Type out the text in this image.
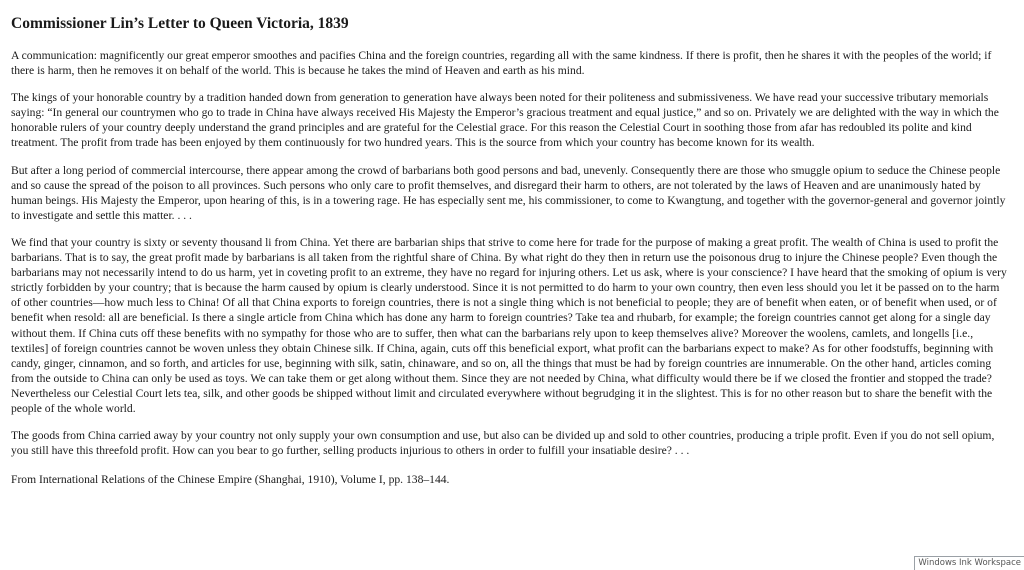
Commissioner Lin’s Letter to Queen Victoria, 1839

A communication: magnificently our great emperor smoothes and pacifies China and the foreign countries, regarding all with the same kindness. If there is profit, then he shares it with the peoples of the world; if there is harm, then he removes it on behalf of the world. This is because he takes the mind of Heaven and earth as his mind.

The kings of your honorable country by a tradition handed down from generation to generation have always been noted for their politeness and submissiveness. We have read your successive tributary memorials saying: “In general our countrymen who go to trade in China have always received His Majesty the Emperor’s gracious treatment and equal justice,” and so on. Privately we are delighted with the way in which the honorable rulers of your country deeply understand the grand principles and are grateful for the Celestial grace. For this reason the Celestial Court in soothing those from afar has redoubled its polite and kind treatment. The profit from trade has been enjoyed by them continuously for two hundred years. This is the source from which your country has become known for its wealth.

But after a long period of commercial intercourse, there appear among the crowd of barbarians both good persons and bad, unevenly. Consequently there are those who smuggle opium to seduce the Chinese people and so cause the spread of the poison to all provinces. Such persons who only care to profit themselves, and disregard their harm to others, are not tolerated by the laws of Heaven and are unanimously hated by human beings. His Majesty the Emperor, upon hearing of this, is in a towering rage. He has especially sent me, his commissioner, to come to Kwangtung, and together with the governor-general and governor jointly to investigate and settle this matter. . . .

We find that your country is sixty or seventy thousand li from China. Yet there are barbarian ships that strive to come here for trade for the purpose of making a great profit. The wealth of China is used to profit the barbarians. That is to say, the great profit made by barbarians is all taken from the rightful share of China. By what right do they then in return use the poisonous drug to injure the Chinese people? Even though the barbarians may not necessarily intend to do us harm, yet in coveting profit to an extreme, they have no regard for injuring others. Let us ask, where is your conscience? I have heard that the smoking of opium is very strictly forbidden by your country; that is because the harm caused by opium is clearly understood. Since it is not permitted to do harm to your own country, then even less should you let it be passed on to the harm of other countries—how much less to China! Of all that China exports to foreign countries, there is not a single thing which is not beneficial to people; they are of benefit when eaten, or of benefit when used, or of benefit when resold: all are beneficial. Is there a single article from China which has done any harm to foreign countries? Take tea and rhubarb, for example; the foreign countries cannot get along for a single day without them. If China cuts off these benefits with no sympathy for those who are to suffer, then what can the barbarians rely upon to keep themselves alive? Moreover the woolens, camlets, and longells [i.e., textiles] of foreign countries cannot be woven unless they obtain Chinese silk. If China, again, cuts off this beneficial export, what profit can the barbarians expect to make? As for other foodstuffs, beginning with candy, ginger, cinnamon, and so forth, and articles for use, beginning with silk, satin, chinaware, and so on, all the things that must be had by foreign countries are innumerable. On the other hand, articles coming from the outside to China can only be used as toys. We can take them or get along without them. Since they are not needed by China, what difficulty would there be if we closed the frontier and stopped the trade? Nevertheless our Celestial Court lets tea, silk, and other goods be shipped without limit and circulated everywhere without begrudging it in the slightest. This is for no other reason but to share the benefit with the people of the whole world.

The goods from China carried away by your country not only supply your own consumption and use, but also can be divided up and sold to other countries, producing a triple profit. Even if you do not sell opium, you still have this threefold profit. How can you bear to go further, selling products injurious to others in order to fulfill your insatiable desire? . . .

From International Relations of the Chinese Empire (Shanghai, 1910), Volume I, pp. 138–144.

Windows Ink Workspace
